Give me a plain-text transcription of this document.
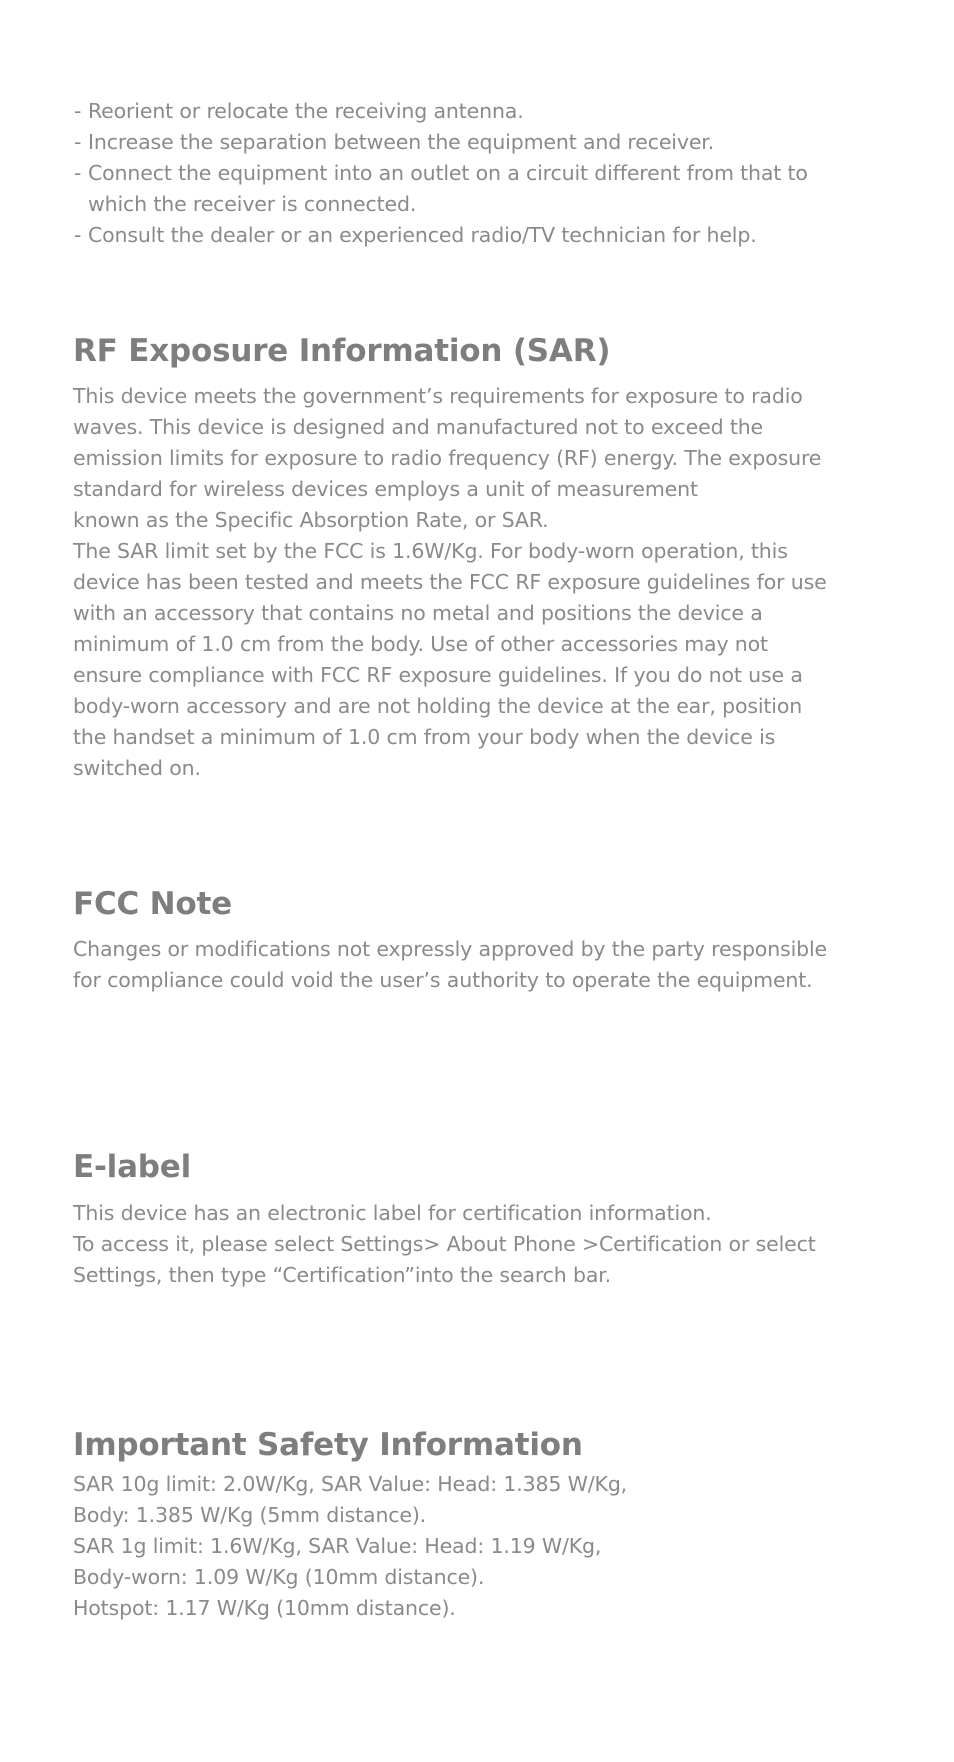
- Reorient or relocate the receiving antenna.
- Increase the separation between the equipment and receiver.
- Connect the equipment into an outlet on a circuit different from that to
which the receiver is connected.
- Consult the dealer or an experienced radio/TV technician for help.
RF Exposure Information (SAR)

This device meets the government’s requirements for exposure to radio
waves. This device is designed and manufactured not to exceed the
emission limits for exposure to radio frequency (RF) energy. The exposure
standard for wireless devices employs a unit of measurement
known as the Specific Absorption Rate, or SAR.
The SAR limit set by the FCC is 1.6W/Kg. For body-worn operation, this
device has been tested and meets the FCC RF exposure guidelines for use
with an accessory that contains no metal and positions the device a
minimum of 1.0 cm from the body. Use of other accessories may not
ensure compliance with FCC RF exposure guidelines. If you do not use a
body-worn accessory and are not holding the device at the ear, position
the handset a minimum of 1.0 cm from your body when the device is
switched on.

FCC Note

Changes or modifications not expressly approved by the party responsible
for compliance could void the user’s authority to operate the equipment.

E-label

This device has an electronic label for certification information.
To access it, please select Settings> About Phone >Certification or select
Settings, then type “Certification”into the search bar.

Important Safety Information

SAR 10g limit: 2.0W/Kg, SAR Value: Head: 1.385 W/Kg,
Body: 1.385 W/Kg (5mm distance).
SAR 1g limit: 1.6W/Kg, SAR Value: Head: 1.19 W/Kg,
Body-worn: 1.09 W/Kg (10mm distance).
Hotspot: 1.17 W/Kg (10mm distance).
